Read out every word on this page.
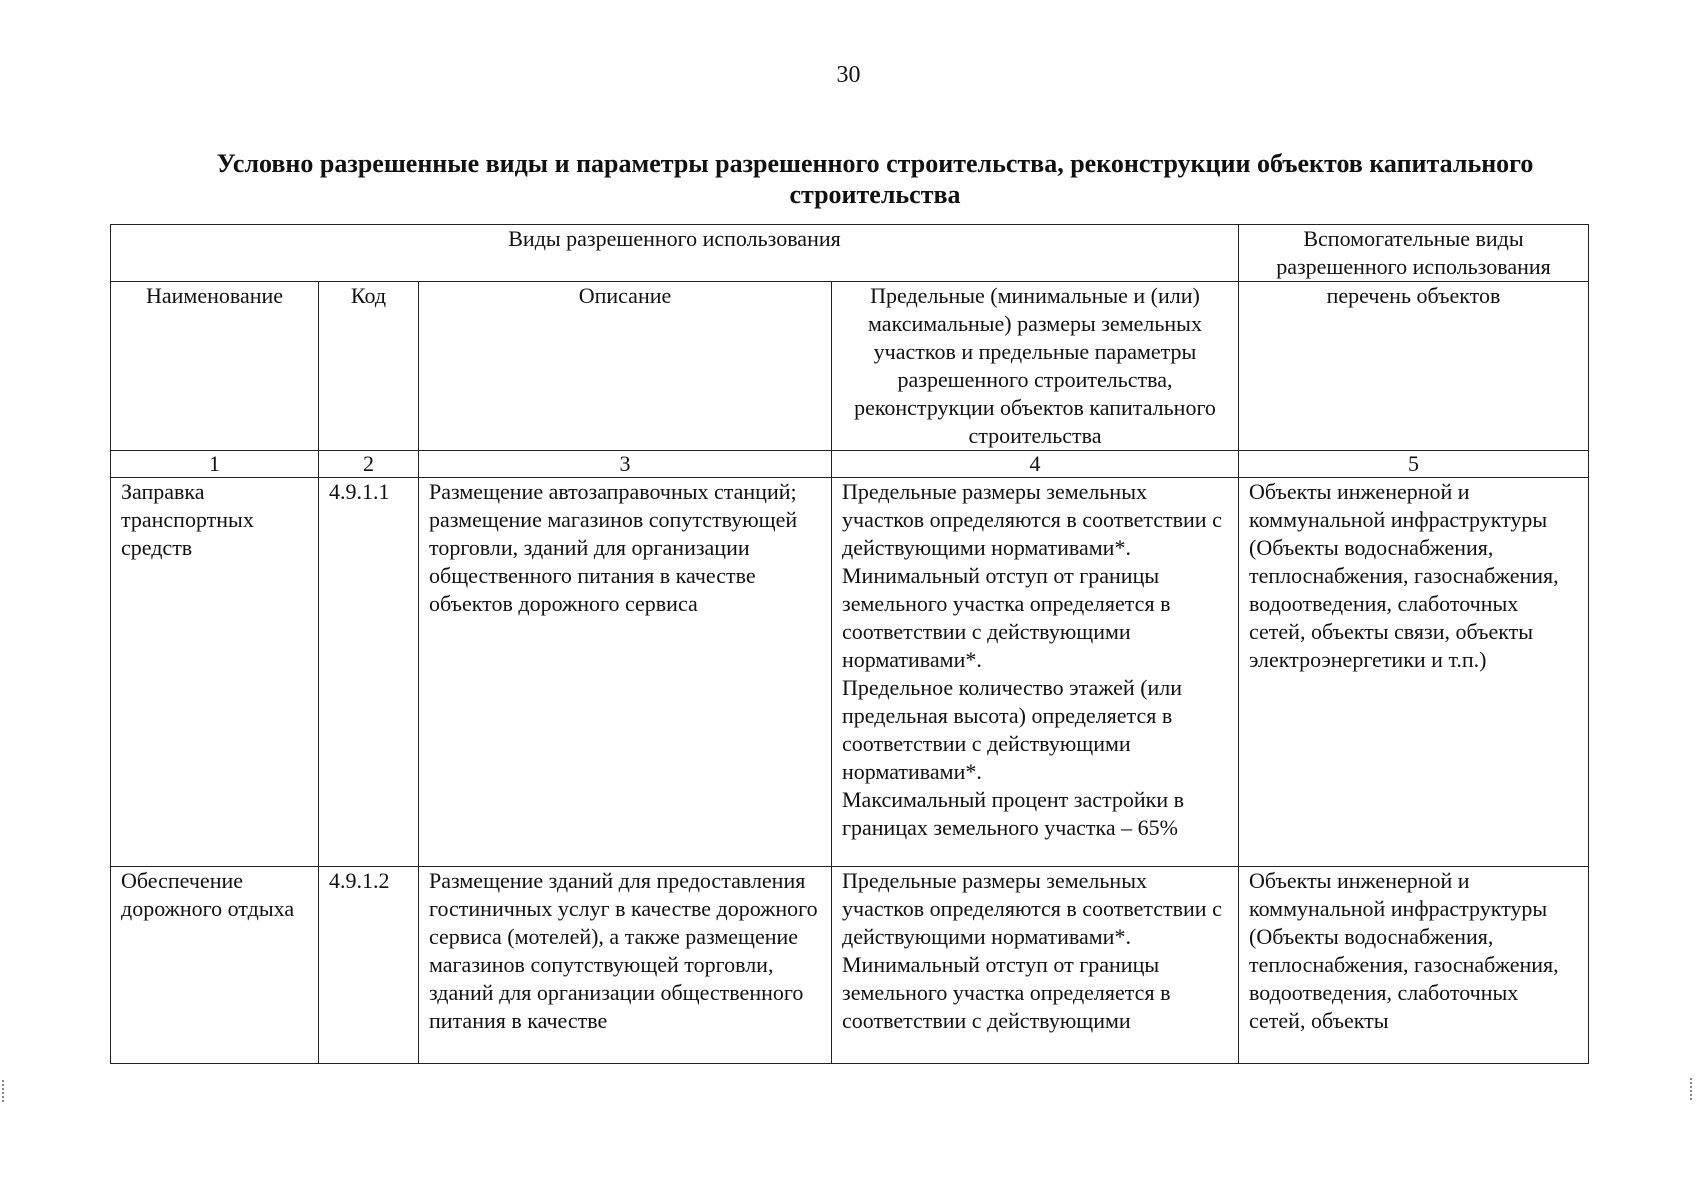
30
Условно разрешенные виды и параметры разрешенного строительства, реконструкции объектов капитального строительства
Виды разрешенного использования				Вспомогательные виды разрешенного использования
Наименование	Код	Описание	Предельные (минимальные и (или) максимальные) размеры земельных участков и предельные параметры разрешенного строительства, реконструкции объектов капитального строительства	перечень объектов
1	2	3	4	5
Заправка транспортных средств	4.9.1.1	Размещение автозаправочных станций; размещение магазинов сопутствующей торговли, зданий для организации общественного питания в качестве объектов дорожного сервиса	Предельные размеры земельных участков определяются в соответствии с действующими нормативами*.
Минимальный отступ от границы земельного участка определяется в соответствии с действующими нормативами*.
Предельное количество этажей (или предельная высота) определяется в соответствии с действующими нормативами*.
Максимальный процент застройки в границах земельного участка – 65%	Объекты инженерной и коммунальной инфраструктуры (Объекты водоснабжения, теплоснабжения, газоснабжения, водоотведения, слаботочных сетей, объекты связи, объекты электроэнергетики и т.п.)

Обеспечение дорожного отдыха	4.9.1.2	Размещение зданий для предоставления гостиничных услуг в качестве дорожного сервиса (мотелей), а также размещение магазинов сопутствующей торговли, зданий для организации общественного питания в качестве	Предельные размеры земельных участков определяются в соответствии с действующими нормативами*.
Минимальный отступ от границы земельного участка определяется в соответствии с действующими	Объекты инженерной и коммунальной инфраструктуры (Объекты водоснабжения, теплоснабжения, газоснабжения, водоотведения, слаботочных сетей, объекты
